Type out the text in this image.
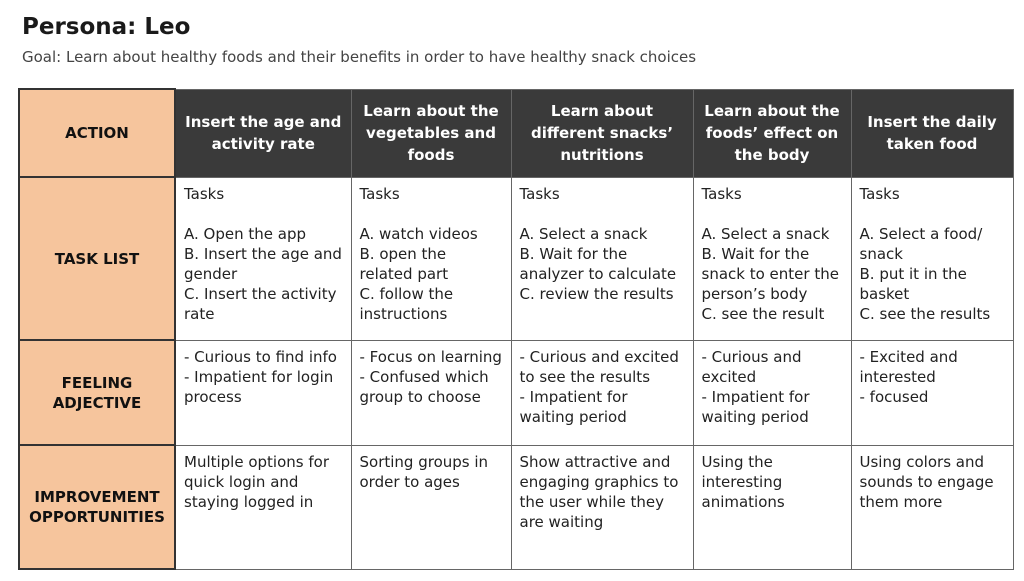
Persona: Leo
Goal: Learn about healthy foods and their benefits in order to have healthy snack choices
ACTION	Insert the age and activity rate	Learn about the vegetables and foods	Learn about different snacks’ nutritions	Learn about the foods’ effect on the body	Insert the daily taken food

TASK LIST	Tasks
A. Open the app
B. Insert the age and gender
C. Insert the activity rate	Tasks
A. watch videos
B. open the related part
C. follow the instructions	Tasks
A. Select a snack
B. Wait for the analyzer to calculate
C. review the results	Tasks
A. Select a snack
B. Wait for the snack to enter the person’s body
C. see the result	Tasks
A. Select a food/ snack
B. put it in the basket
C. see the results

FEELING
ADJECTIVE	- Curious to find info
- Impatient for login process	- Focus on learning
- Confused which group to choose	- Curious and excited to see the results
- Impatient for waiting period	- Curious and excited
- Impatient for waiting period	- Excited and interested
- focused

IMPROVEMENT
OPPORTUNITIES	Multiple options for quick login and staying logged in	Sorting groups in order to ages	Show attractive and engaging graphics to the user while they are waiting	Using the interesting animations	Using colors and sounds to engage them more
